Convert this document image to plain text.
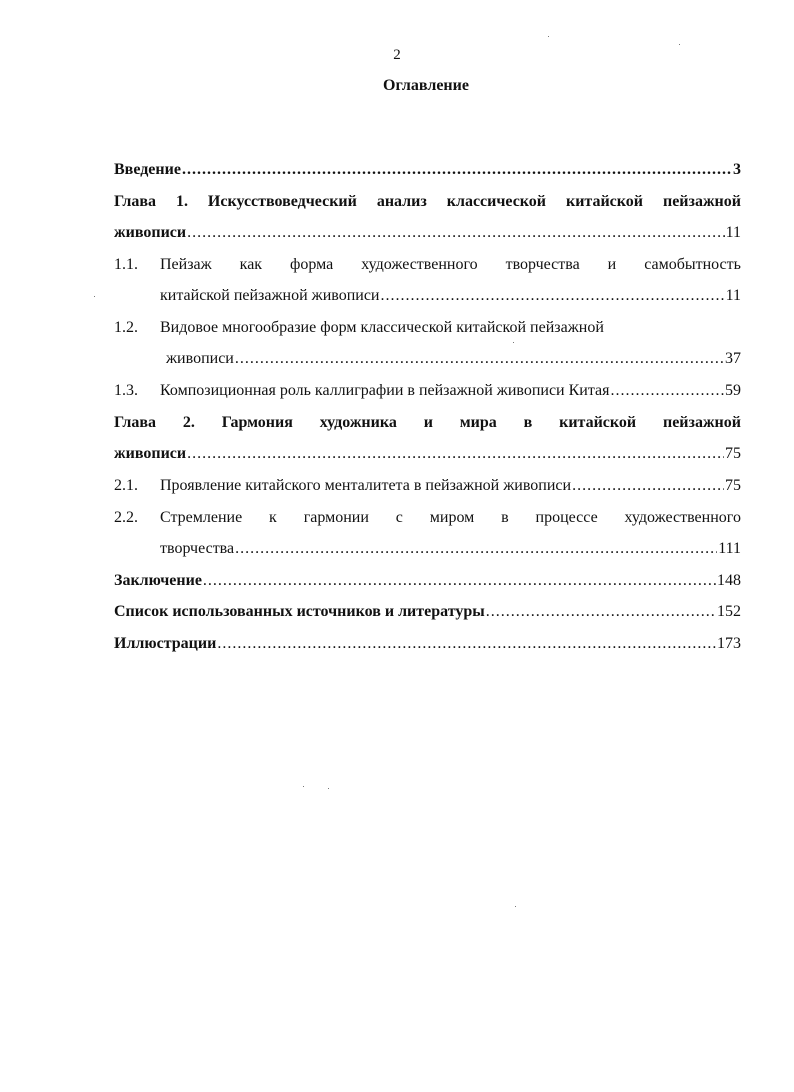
2
Оглавление
Введение .....	3
Глава 1. Искусствоведческий анализ классической китайской пейзажной
живописи .....	11
1.1. Пейзаж как форма художественного творчества и самобытность
китайской пейзажной живописи .....	11
1.2. Видовое многообразие форм классической китайской пейзажной
живописи .....	37
1.3. Композиционная роль каллиграфии в пейзажной живописи Китая .....	59
Глава 2. Гармония художника и мира в китайской пейзажной
живописи .....	75
2.1. Проявление китайского менталитета в пейзажной живописи .....	75
2.2. Стремление к гармонии с миром в процессе художественного
творчества .....	111
Заключение .....	148
Список использованных источников и литературы .....	152
Иллюстрации .....	173
